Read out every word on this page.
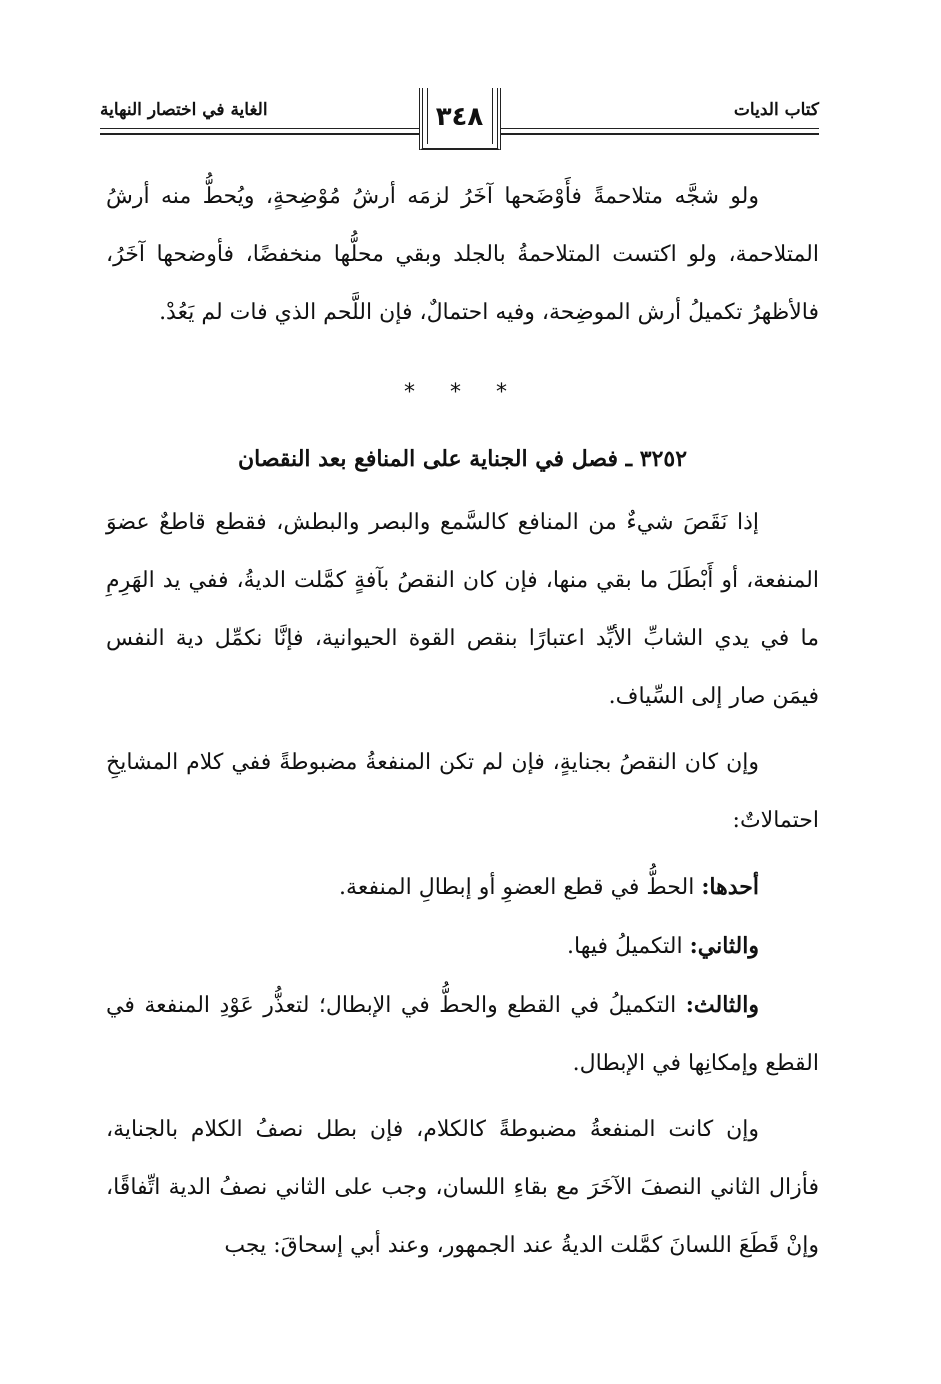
كتاب الديات
الغاية في اختصار النهاية	٣٤٨

ولو شجَّه متلاحمةً فأَوْضَحها آخَرُ لزمَه أرشُ مُوْضِحةٍ، ويُحطُّ منه أرشُ المتلاحمة، ولو اكتست المتلاحمةُ بالجلد وبقي محلُّها منخفضًا، فأوضحها آخَرُ، فالأظهرُ تكميلُ أرش الموضِحة، وفيه احتمالٌ، فإن اللَّحم الذي فات لم يَعُدْ.

* * *
٣٢٥٢ ـ فصل في الجناية على المنافع بعد النقصان

إذا نَقَصَ شيءٌ من المنافع كالسَّمع والبصر والبطش، فقطع قاطعٌ عضوَ المنفعة، أو أَبْطَلَ ما بقي منها، فإن كان النقصُ بآفةٍ كمَّلت الديةُ، ففي يد الهَرِمِ ما في يدي الشابِّ الأيِّد اعتبارًا بنقص القوة الحيوانية، فإنَّا نكمِّل دية النفس فيمَن صار إلى السِّياف.

وإن كان النقصُ بجنايةٍ، فإن لم تكن المنفعةُ مضبوطةً ففي كلام المشايخِ احتمالاتٌ:

أحدها: الحطُّ في قطع العضوِ أو إبطالِ المنفعة.

والثاني: التكميلُ فيها.

والثالث: التكميلُ في القطع والحطُّ في الإبطال؛ لتعذُّر عَوْدِ المنفعة في القطع وإمكانِها في الإبطال.

وإن كانت المنفعةُ مضبوطةً كالكلام، فإن بطل نصفُ الكلام بالجناية، فأزال الثاني النصفَ الآخَرَ مع بقاءِ اللسان، وجب على الثاني نصفُ الدية اتِّفاقًا، وإنْ قَطَعَ اللسانَ كمَّلت الديةُ عند الجمهور، وعند أبي إسحاقَ: يجب
